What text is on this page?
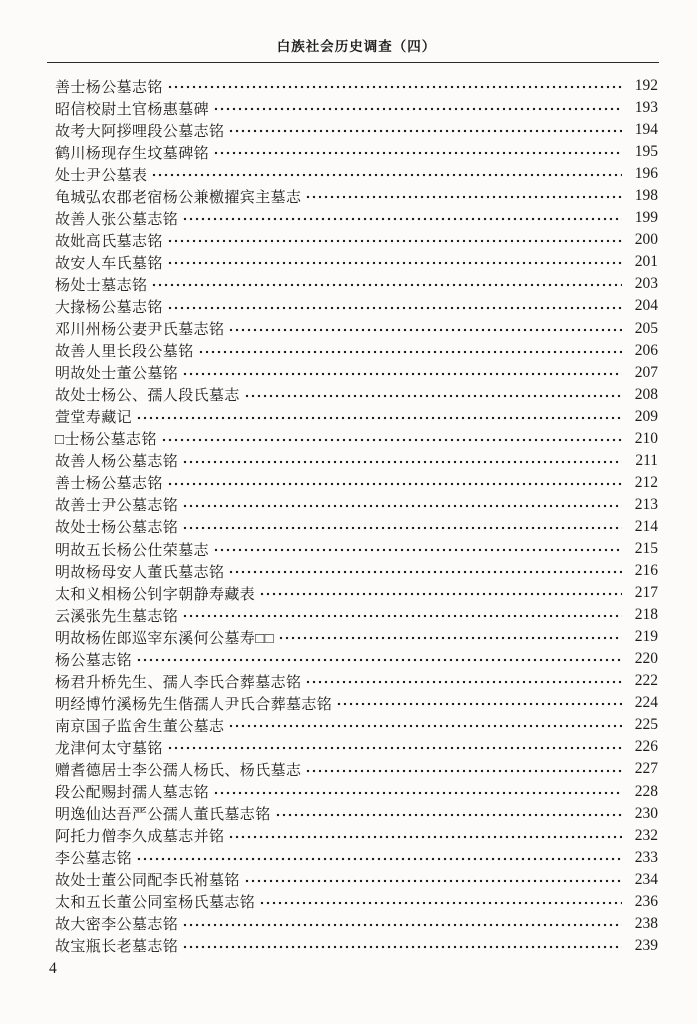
白族社会历史调查（四）
善士杨公墓志铭	192
昭信校尉土官杨惠墓碑	193
故考大阿拶哩段公墓志铭	194
鹤川杨现存生坟墓碑铭	195
处士尹公墓表	196
龟城弘农郡老宿杨公兼檄擢宾主墓志	198
故善人张公墓志铭	199
故妣高氏墓志铭	200
故安人车氏墓铭	201
杨处士墓志铭	203
大掾杨公墓志铭	204
邓川州杨公妻尹氏墓志铭	205
故善人里长段公墓铭	206
明故处士董公墓铭	207
故处士杨公、孺人段氏墓志	208
萱堂寿藏记	209
□士杨公墓志铭	210
故善人杨公墓志铭	211
善士杨公墓志铭	212
故善士尹公墓志铭	213
故处士杨公墓志铭	214
明故五长杨公仕荣墓志	215
明故杨母安人董氏墓志铭	216
太和义相杨公钊字朝静寿藏表	217
云溪张先生墓志铭	218
明故杨佐郎巡宰东溪何公墓寿□□	219
杨公墓志铭	220
杨君升桥先生、孺人李氏合葬墓志铭	222
明经博竹溪杨先生偕孺人尹氏合葬墓志铭	224
南京国子监舍生董公墓志	225
龙津何太守墓铭	226
赠耆德居士李公孺人杨氏、杨氏墓志	227
段公配赐封孺人墓志铭	228
明逸仙达吾严公孺人董氏墓志铭	230
阿托力僧李久成墓志并铭	232
李公墓志铭	233
故处士董公同配李氏袝墓铭	234
太和五长董公同室杨氏墓志铭	236
故大密李公墓志铭	238
故宝瓶长老墓志铭	239
4
